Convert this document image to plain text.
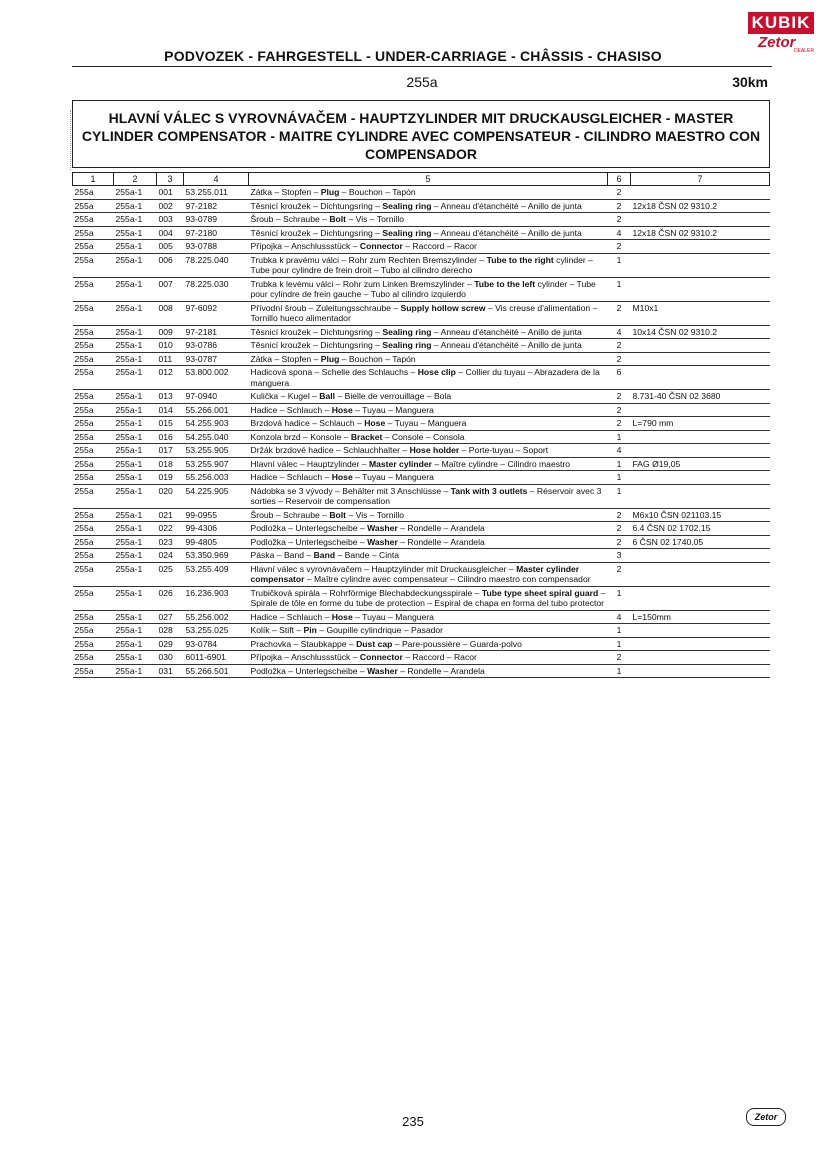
KUBIK
Zetor
DEALER
PODVOZEK - FAHRGESTELL - UNDER-CARRIAGE - CHÂSSIS - CHASISO
255a	30km
HLAVNÍ VÁLEC S VYROVNÁVAČEM - HAUPTZYLINDER MIT DRUCKAUSGLEICHER - MASTER CYLINDER COMPENSATOR - MAITRE CYLINDRE AVEC COMPENSATEUR - CILINDRO MAESTRO CON COMPENSADOR
1	2	3	4	5	6	7
255a	255a-1	001	53.255.011	Zátka – Stopfen – Plug – Bouchon – Tapón	2	
255a	255a-1	002	97-2182	Těsnicí kroužek – Dichtungsring – Sealing ring – Anneau d'étanchéité – Anillo de junta	2	12x18 ČSN 02 9310.2
255a	255a-1	003	93-0789	Šroub – Schraube – Bolt – Vis – Tornillo	2	
255a	255a-1	004	97-2180	Těsnicí kroužek – Dichtungsring – Sealing ring – Anneau d'étanchéité – Anillo de junta	4	12x18 ČSN 02 9310.2
255a	255a-1	005	93-0788	Přípojka – Anschlussstück – Connector – Raccord – Racor	2	
255a	255a-1	006	78.225.040	Trubka k pravému válci – Rohr zum Rechten Bremszylinder – Tube to the right cylinder – Tube pour cylindre de frein droit – Tubo al cilindro derecho	1	
255a	255a-1	007	78.225.030	Trubka k levému válci – Rohr zum Linken Bremszylinder – Tube to the left cylinder – Tube pour cylindre de frein gauche – Tubo al cilindro izquierdo	1	
255a	255a-1	008	97-6092	Přívodní šroub – Zuleitungsschraube – Supply hollow screw – Vis creuse d'alimentation – Tornillo hueco alimentador	2	M10x1
255a	255a-1	009	97-2181	Těsnicí kroužek – Dichtungsring – Sealing ring – Anneau d'étanchéité – Anillo de junta	4	10x14 ČSN 02 9310.2
255a	255a-1	010	93-0786	Těsnicí kroužek – Dichtungsring – Sealing ring – Anneau d'étanchéité – Anillo de junta	2	
255a	255a-1	011	93-0787	Zátka – Stopfen – Plug – Bouchon – Tapón	2	
255a	255a-1	012	53.800.002	Hadicová spona – Schelle des Schlauchs – Hose clip – Collier du tuyau – Abrazadera de la manguera	6	
255a	255a-1	013	97-0940	Kulička – Kugel – Ball – Bielle de verrouillage – Bola	2	8.731-40 ČSN 02 3680
255a	255a-1	014	55.266.001	Hadice – Schlauch – Hose – Tuyau – Manguera	2	
255a	255a-1	015	54.255.903	Brzdová hadice – Schlauch – Hose – Tuyau – Manguera	2	L=790 mm
255a	255a-1	016	54.255.040	Konzola brzd – Konsole – Bracket – Console – Consola	1	
255a	255a-1	017	53.255.905	Držák brzdové hadice – Schlauchhalter – Hose holder – Porte-tuyau – Soport	4	
255a	255a-1	018	53.255.907	Hlavní válec – Hauptzylinder – Master cylinder – Maître cylindre – Cilindro maestro	1	FAG Ø19,05
255a	255a-1	019	55.256.003	Hadice – Schlauch – Hose – Tuyau – Manguera	1	
255a	255a-1	020	54.225.905	Nádobka se 3 vývody – Behälter mit 3 Anschlüsse – Tank with 3 outlets – Réservoir avec 3 sorties – Reservoir de compensation	1	
255a	255a-1	021	99-0955	Šroub – Schraube – Bolt – Vis – Tornillo	2	M6x10 ČSN 021103.15
255a	255a-1	022	99-4306	Podložka – Unterlegscheibe – Washer – Rondelle – Arandela	2	6.4 ČSN 02 1702.15
255a	255a-1	023	99-4805	Podložka – Unterlegscheibe – Washer – Rondelle – Arandela	2	6 ČSN 02 1740.05
255a	255a-1	024	53.350.969	Páska – Band – Band – Bande – Cinta	3	
255a	255a-1	025	53.255.409	Hlavní válec s vyrovnávačem – Hauptzylinder mit Druckausgleicher – Master cylinder compensator – Maître cylindre avec compensateur – Cilindro maestro con compensador	2	
255a	255a-1	026	16.236.903	Trubičková spirála – Rohrförmige Blechabdeckungsspirale – Tube type sheet spiral guard – Spirale de tôle en forme du tube de protection – Espiral de chapa en forma del tubo protector	1	
255a	255a-1	027	55.256.002	Hadice – Schlauch – Hose – Tuyau – Manguera	4	L=150mm
255a	255a-1	028	53.255.025	Kolík – Stift – Pin – Goupille cylindrique – Pasador	1	
255a	255a-1	029	93-0784	Prachovka – Staubkappe – Dust cap – Pare-poussière – Guarda-polvo	1	
255a	255a-1	030	6011-6901	Přípojka – Anschlussstück – Connector – Raccord – Racor	2	
255a	255a-1	031	55.266.501	Podložka – Unterlegscheibe – Washer – Rondelle – Arandela	1	
235	Zetor
